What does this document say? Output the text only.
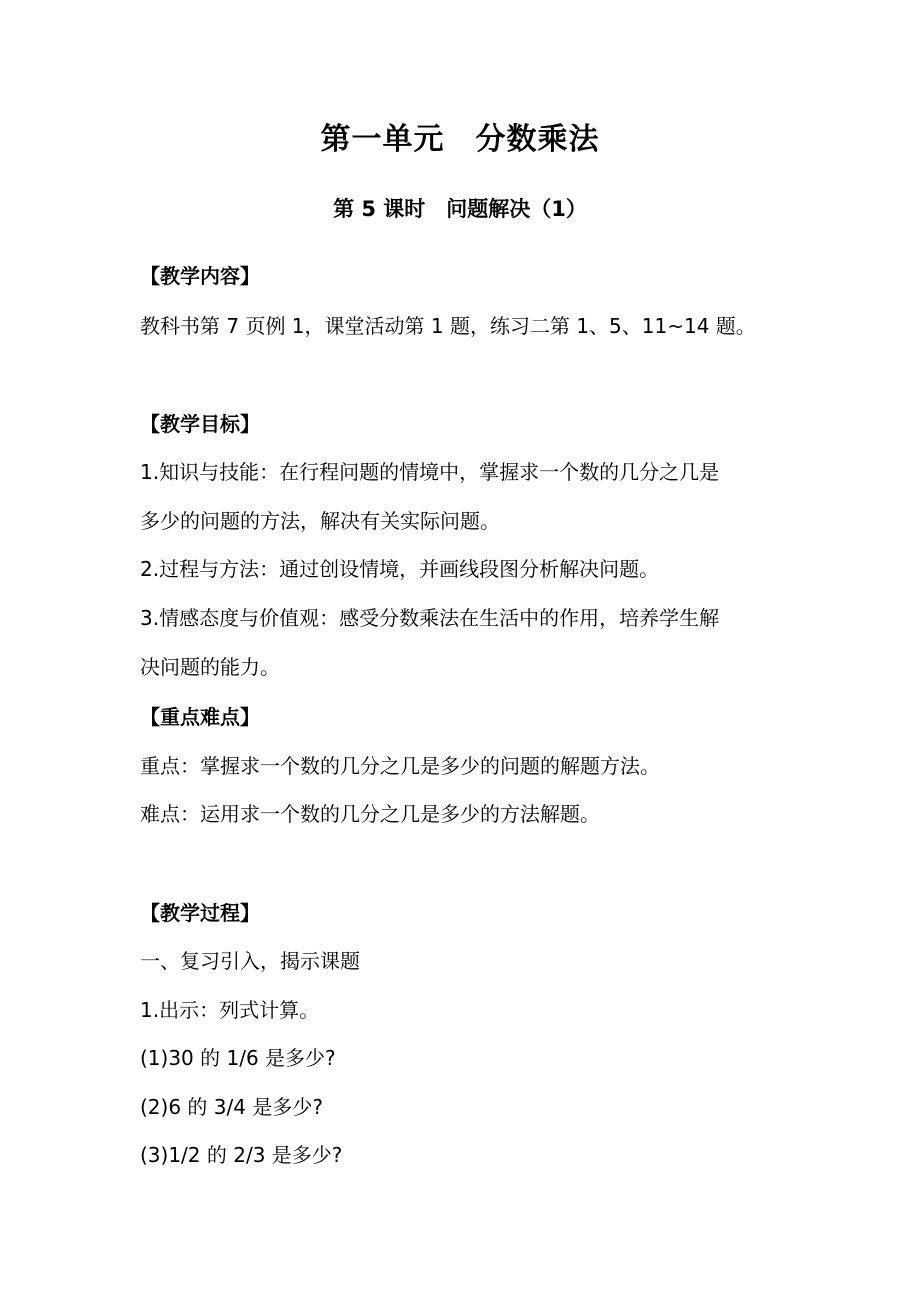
第一单元　分数乘法
第 5 课时　问题解决（1）
【教学内容】
教科书第 7 页例 1，课堂活动第 1 题，练习二第 1、5、11~14 题。
【教学目标】
1.知识与技能：在行程问题的情境中，掌握求一个数的几分之几是
多少的问题的方法，解决有关实际问题。
2.过程与方法：通过创设情境，并画线段图分析解决问题。
3.情感态度与价值观：感受分数乘法在生活中的作用，培养学生解
决问题的能力。
【重点难点】
重点：掌握求一个数的几分之几是多少的问题的解题方法。
难点：运用求一个数的几分之几是多少的方法解题。
【教学过程】
一、复习引入，揭示课题
1.出示：列式计算。
(1)30 的 1/6 是多少?
(2)6 的 3/4 是多少?
(3)1/2 的 2/3 是多少?
